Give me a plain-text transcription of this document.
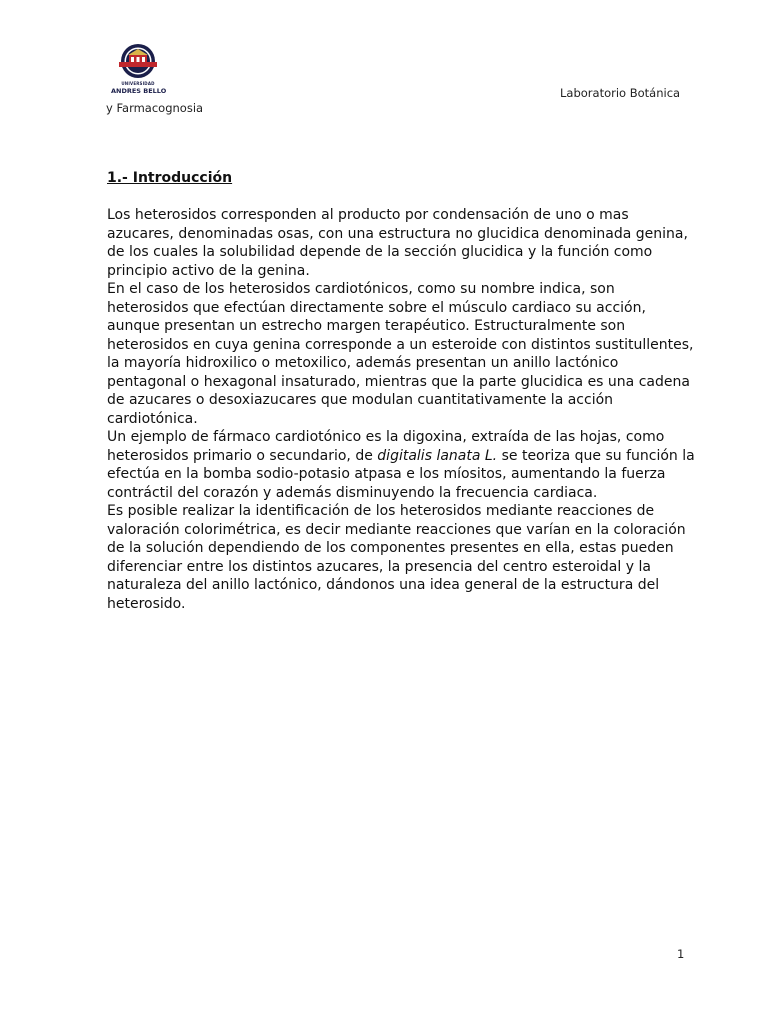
UNIVERSIDAD
ANDRES BELLO	Laboratorio Botánica
y Farmacognosia
1.- Introducción
Los heterosidos corresponden al producto por condensación de uno o mas
azucares, denominadas osas, con una estructura no glucidica denominada genina,
de los cuales la solubilidad depende de la sección glucidica y la función como
principio activo de la genina.
En el caso de los heterosidos cardiotónicos, como su nombre indica, son
heterosidos que efectúan directamente sobre el músculo cardiaco su acción,
aunque presentan un estrecho margen terapéutico. Estructuralmente son
heterosidos en cuya genina corresponde a un esteroide con distintos sustitullentes,
la mayoría hidroxilico o metoxilico, además presentan un anillo lactónico
pentagonal o hexagonal insaturado, mientras que la parte glucidica es una cadena
de azucares o desoxiazucares que modulan cuantitativamente la acción
cardiotónica.
Un ejemplo de fármaco cardiotónico es la digoxina, extraída de las hojas, como
heterosidos primario o secundario, de digitalis lanata L. se teoriza que su función la
efectúa en la bomba sodio-potasio atpasa e los míositos, aumentando la fuerza
contráctil del corazón y además disminuyendo la frecuencia cardiaca.
Es posible realizar la identificación de los heterosidos mediante reacciones de
valoración colorimétrica, es decir mediante reacciones que varían en la coloración
de la solución dependiendo de los componentes presentes en ella, estas pueden
diferenciar entre los distintos azucares, la presencia del centro esteroidal y la
naturaleza del anillo lactónico, dándonos una idea general de la estructura del
heterosido.
1
